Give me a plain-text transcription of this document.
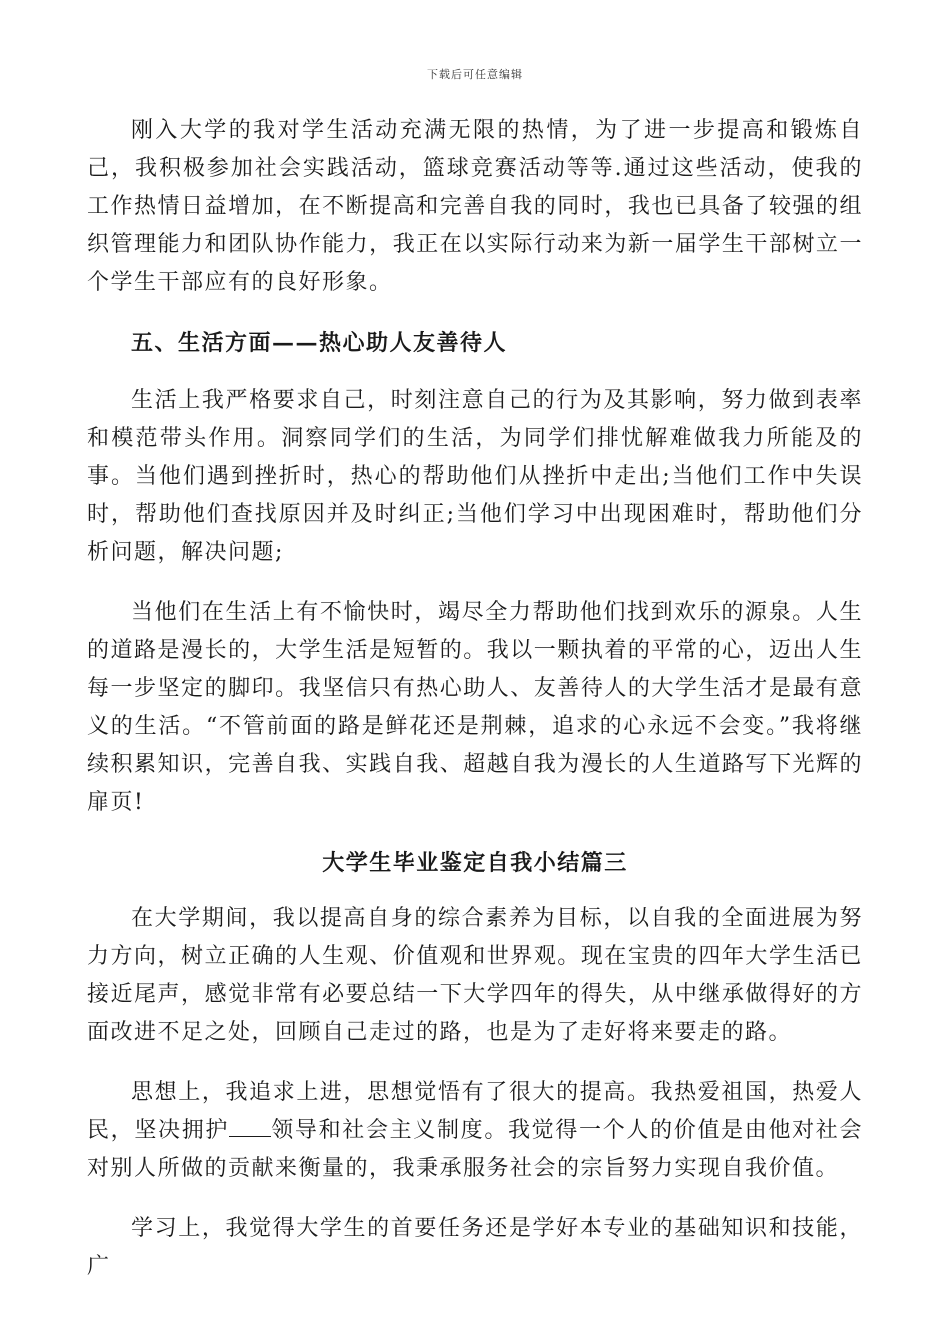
下载后可任意编辑

刚入大学的我对学生活动充满无限的热情，为了进一步提高和锻炼自己，我积极参加社会实践活动，篮球竞赛活动等等.通过这些活动，使我的工作热情日益增加，在不断提高和完善自我的同时，我也已具备了较强的组织管理能力和团队协作能力，我正在以实际行动来为新一届学生干部树立一个学生干部应有的良好形象。

五、生活方面——热心助人友善待人

生活上我严格要求自己，时刻注意自己的行为及其影响，努力做到表率和模范带头作用。洞察同学们的生活，为同学们排忧解难做我力所能及的事。当他们遇到挫折时，热心的帮助他们从挫折中走出;当他们工作中失误时，帮助他们查找原因并及时纠正;当他们学习中出现困难时，帮助他们分析问题，解决问题;

当他们在生活上有不愉快时，竭尽全力帮助他们找到欢乐的源泉。人生的道路是漫长的，大学生活是短暂的。我以一颗执着的平常的心，迈出人生每一步坚定的脚印。我坚信只有热心助人、友善待人的大学生活才是最有意义的生活。“不管前面的路是鲜花还是荆棘，追求的心永远不会变。”我将继续积累知识，完善自我、实践自我、超越自我为漫长的人生道路写下光辉的扉页!

大学生毕业鉴定自我小结篇三

在大学期间，我以提高自身的综合素养为目标，以自我的全面进展为努力方向，树立正确的人生观、价值观和世界观。现在宝贵的四年大学生活已接近尾声，感觉非常有必要总结一下大学四年的得失，从中继承做得好的方面改进不足之处，回顾自己走过的路，也是为了走好将来要走的路。

思想上，我追求上进，思想觉悟有了很大的提高。我热爱祖国，热爱人民，坚决拥护 领导和社会主义制度。我觉得一个人的价值是由他对社会对别人所做的贡献来衡量的，我秉承服务社会的宗旨努力实现自我价值。

学习上，我觉得大学生的首要任务还是学好本专业的基础知识和技能，广
